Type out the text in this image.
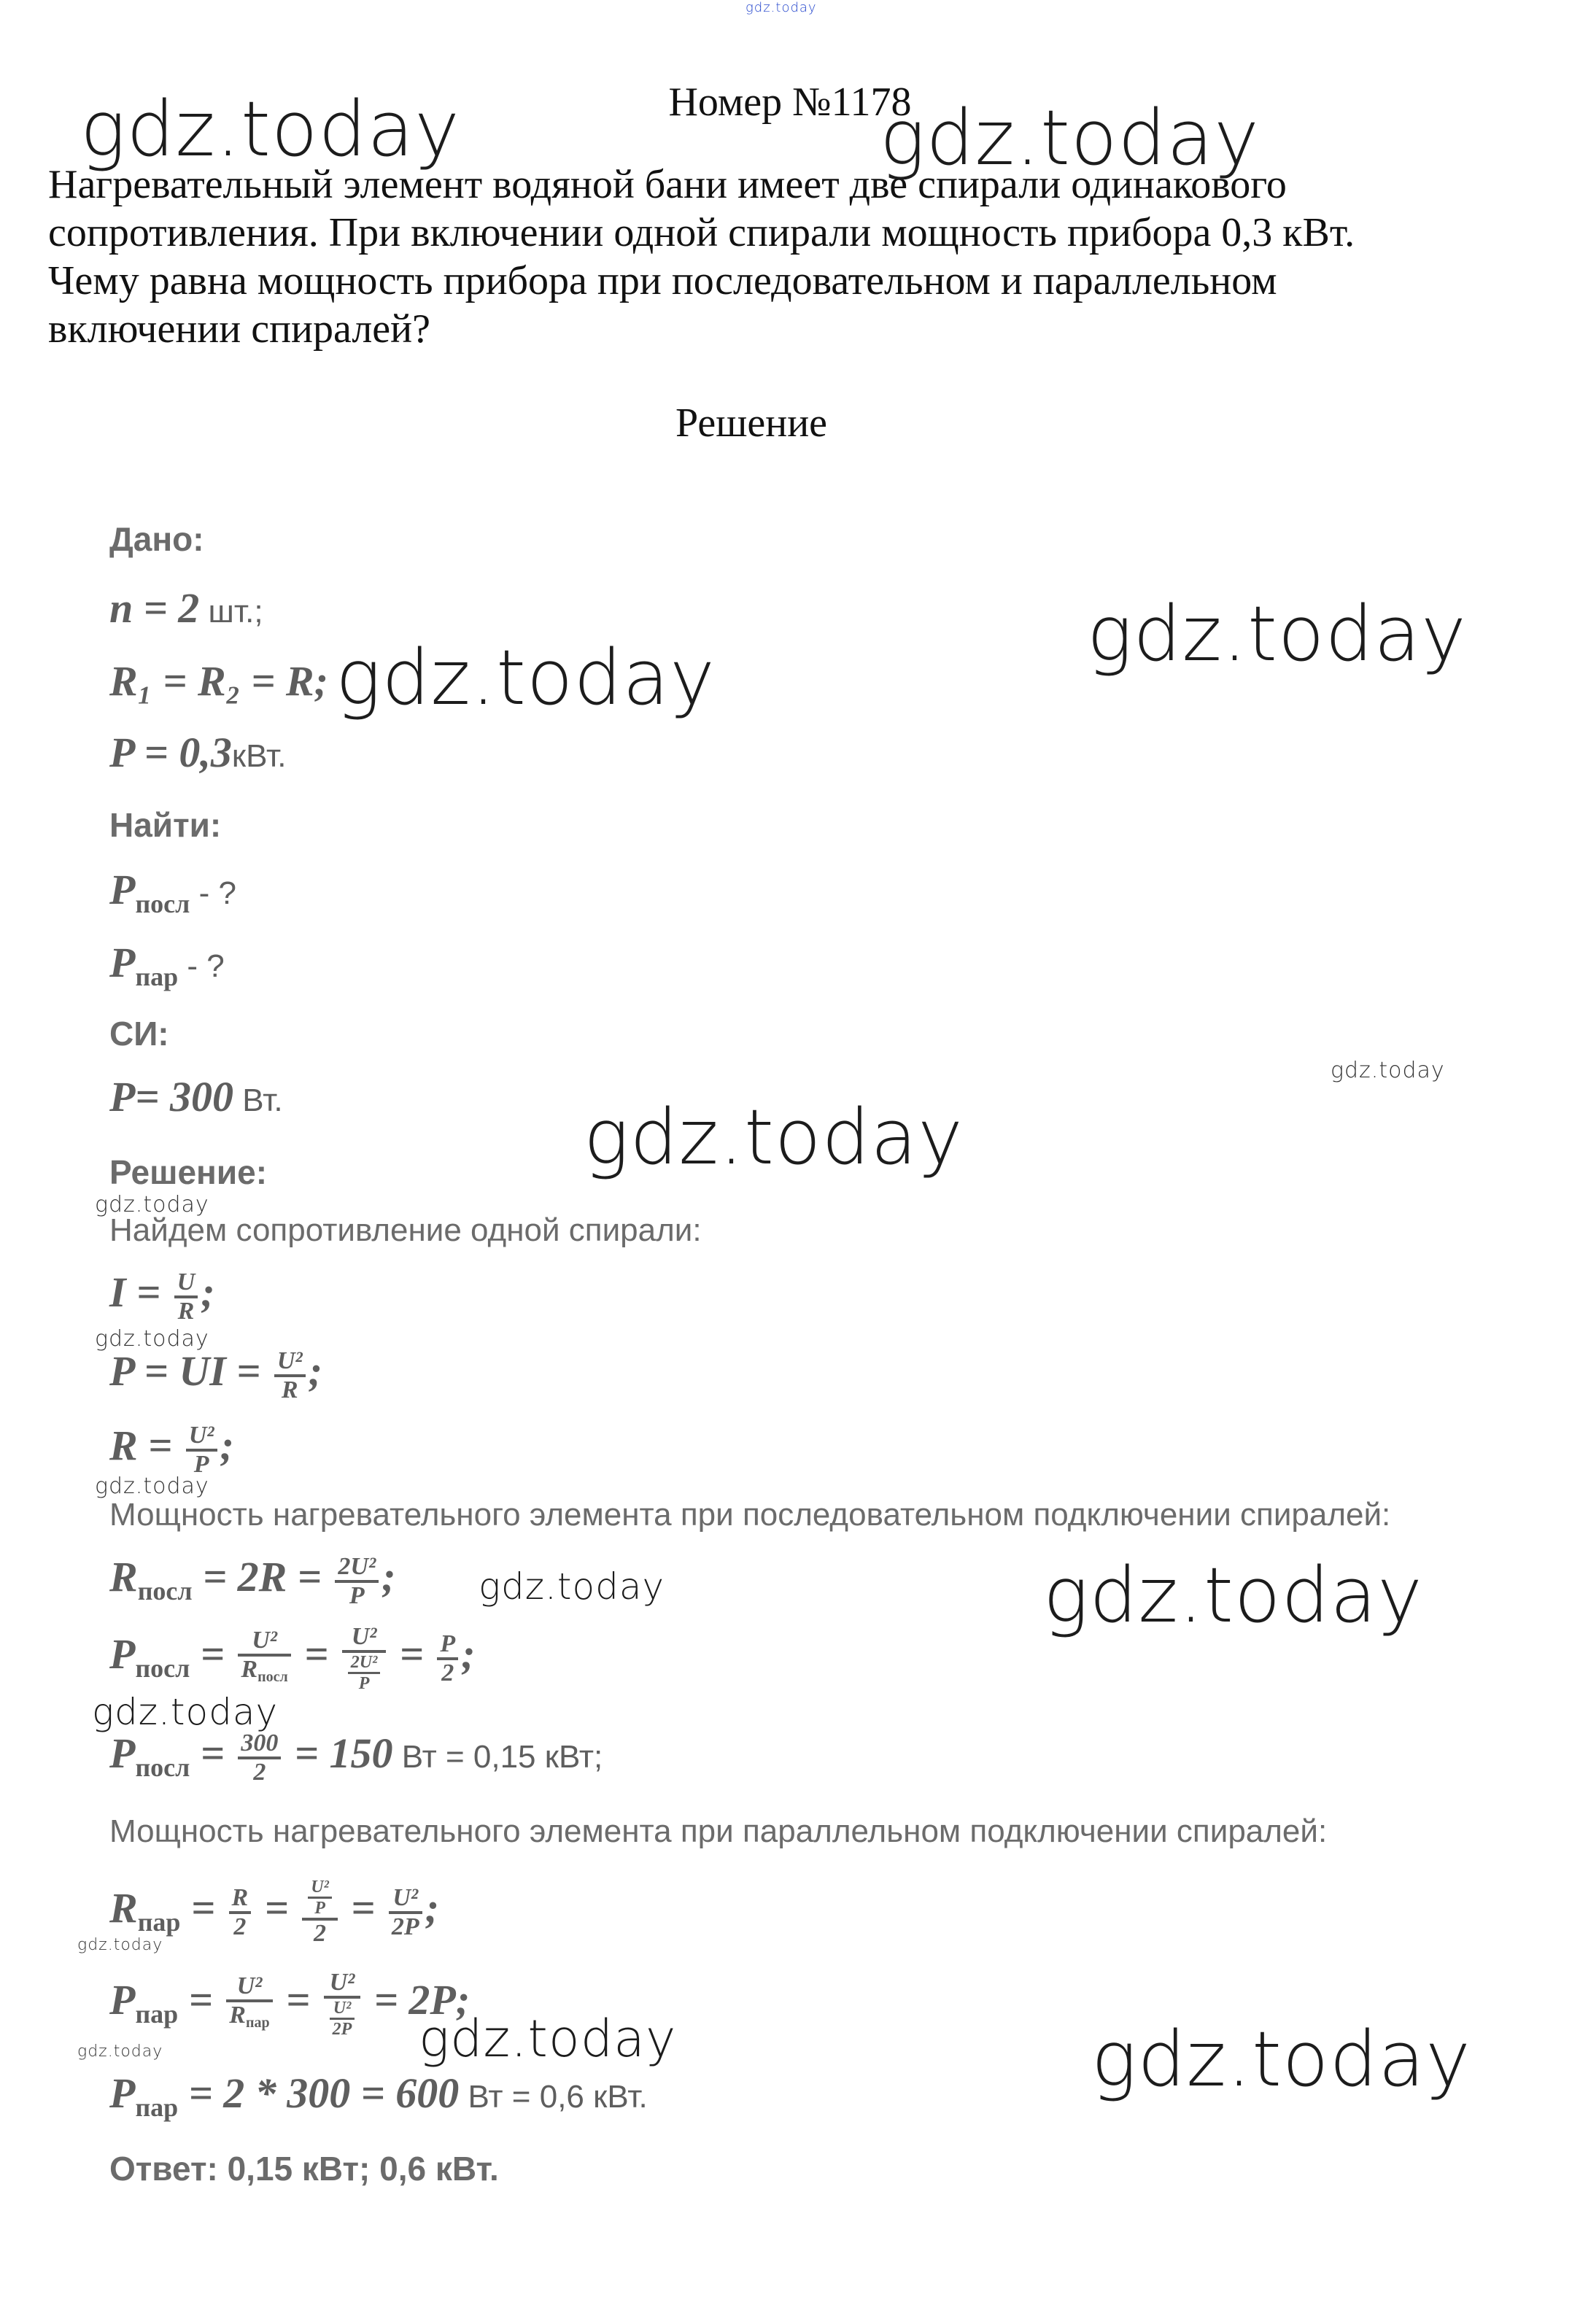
gdz.today
Номер №1178
Нагревательный элемент водяной бани имеет две спирали одинакового
сопротивления. При включении одной спирали мощность прибора 0,3 кВт.
Чему равна мощность прибора при последовательном и параллельном
включении спиралей?
Решение
Дано:
n = 2 шт.;
R₁ = R₂ = R;
P = 0,3кВт.
Найти:
$P_{посл}$ - ?
$P_{пар}$ - ?
СИ:
P= 300 Вт.
Решение:
Найдем сопротивление одной спирали:
$I = \frac{U}{R}$ ;
P = UI = $\frac{\text{U²}}{R}$ ;
$R = \frac{\text{U²}}{P}$ ;
Мощность нагревательного элемента при последовательном подключении спиралей:
$R_{посл} = 2R = \frac{\text{2U²}}{P}$ ;
$P_{посл} = \frac{\text{U²}}{R_{посл}} = \frac{\text{U²}}{\frac{\text{2U²}}{P}} = \frac{P}{2}$ ;
$P_{посл} = \frac{300}{2} = 150$ Вт = 0,15 кВт;
Мощность нагревательного элемента при параллельном подключении спиралей:
$R_{пар} = \frac{R}{2} = \frac{\frac{\text{U²}}{P}}{2} = \frac{\text{U²}}{2P}$ ;
$P_{пар} = \frac{\text{U²}}{R_{пар}} = \frac{\text{U²}}{\frac{\text{U²}}{2P}} = 2P$;
$P_{пар} = 2 * 300 = 600$ Вт = 0,6 кВт.
Ответ: 0,15 кВт; 0,6 кВт.
gdz.today	gdz.today
gdz.today
gdz.today
gdz.today
gdz.today
gdz.today
gdz.today
gdz.today
gdz.today
gdz.today
gdz.today
gdz.today
gdz.today
gdz.today
gdz.today
